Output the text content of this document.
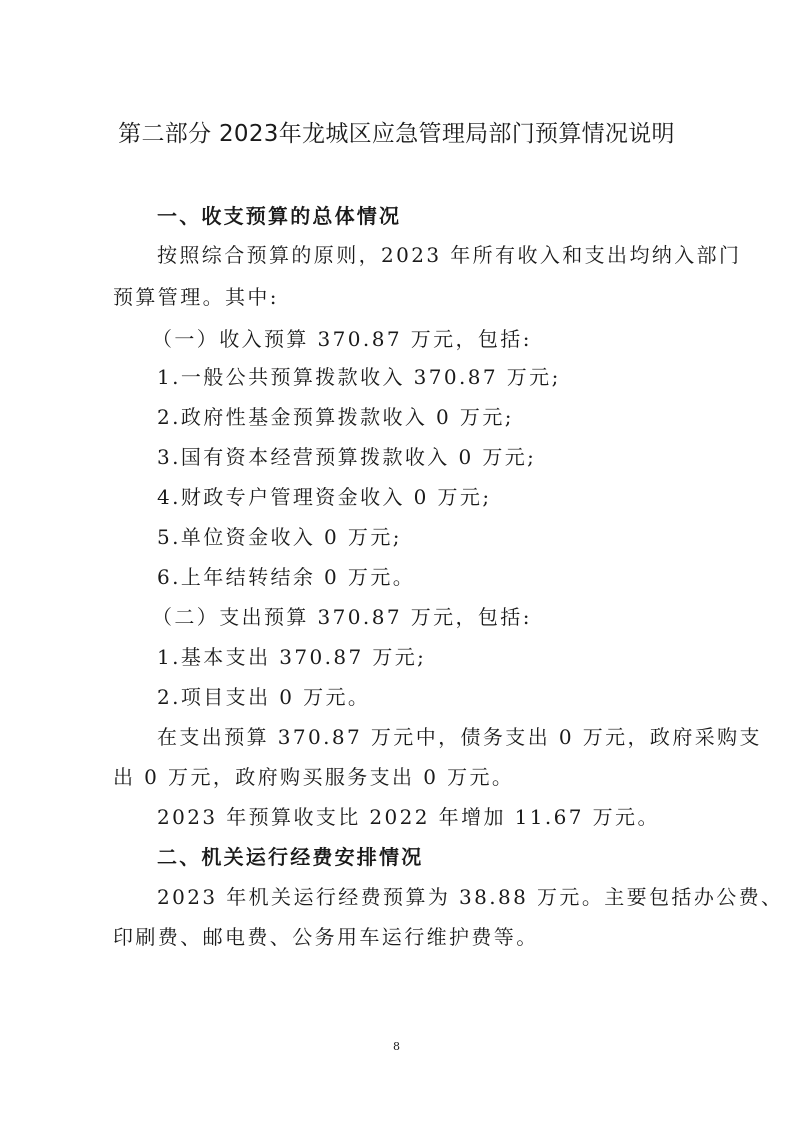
第二部分 2023年龙城区应急管理局部门预算情况说明
一、收支预算的总体情况
按照综合预算的原则，2023 年所有收入和支出均纳入部门
预算管理。其中:
（一）收入预算 370.87 万元，包括:
1.一般公共预算拨款收入 370.87 万元;
2.政府性基金预算拨款收入 0 万元;
3.国有资本经营预算拨款收入 0 万元;
4.财政专户管理资金收入 0 万元;
5.单位资金收入 0 万元;
6.上年结转结余 0 万元。
（二）支出预算 370.87 万元，包括:
1.基本支出 370.87 万元;
2.项目支出 0 万元。
在支出预算 370.87 万元中，债务支出 0 万元，政府采购支
出 0 万元，政府购买服务支出 0 万元。
2023 年预算收支比 2022 年增加 11.67 万元。
二、机关运行经费安排情况
2023 年机关运行经费预算为 38.88 万元。主要包括办公费、
印刷费、邮电费、公务用车运行维护费等。
8
